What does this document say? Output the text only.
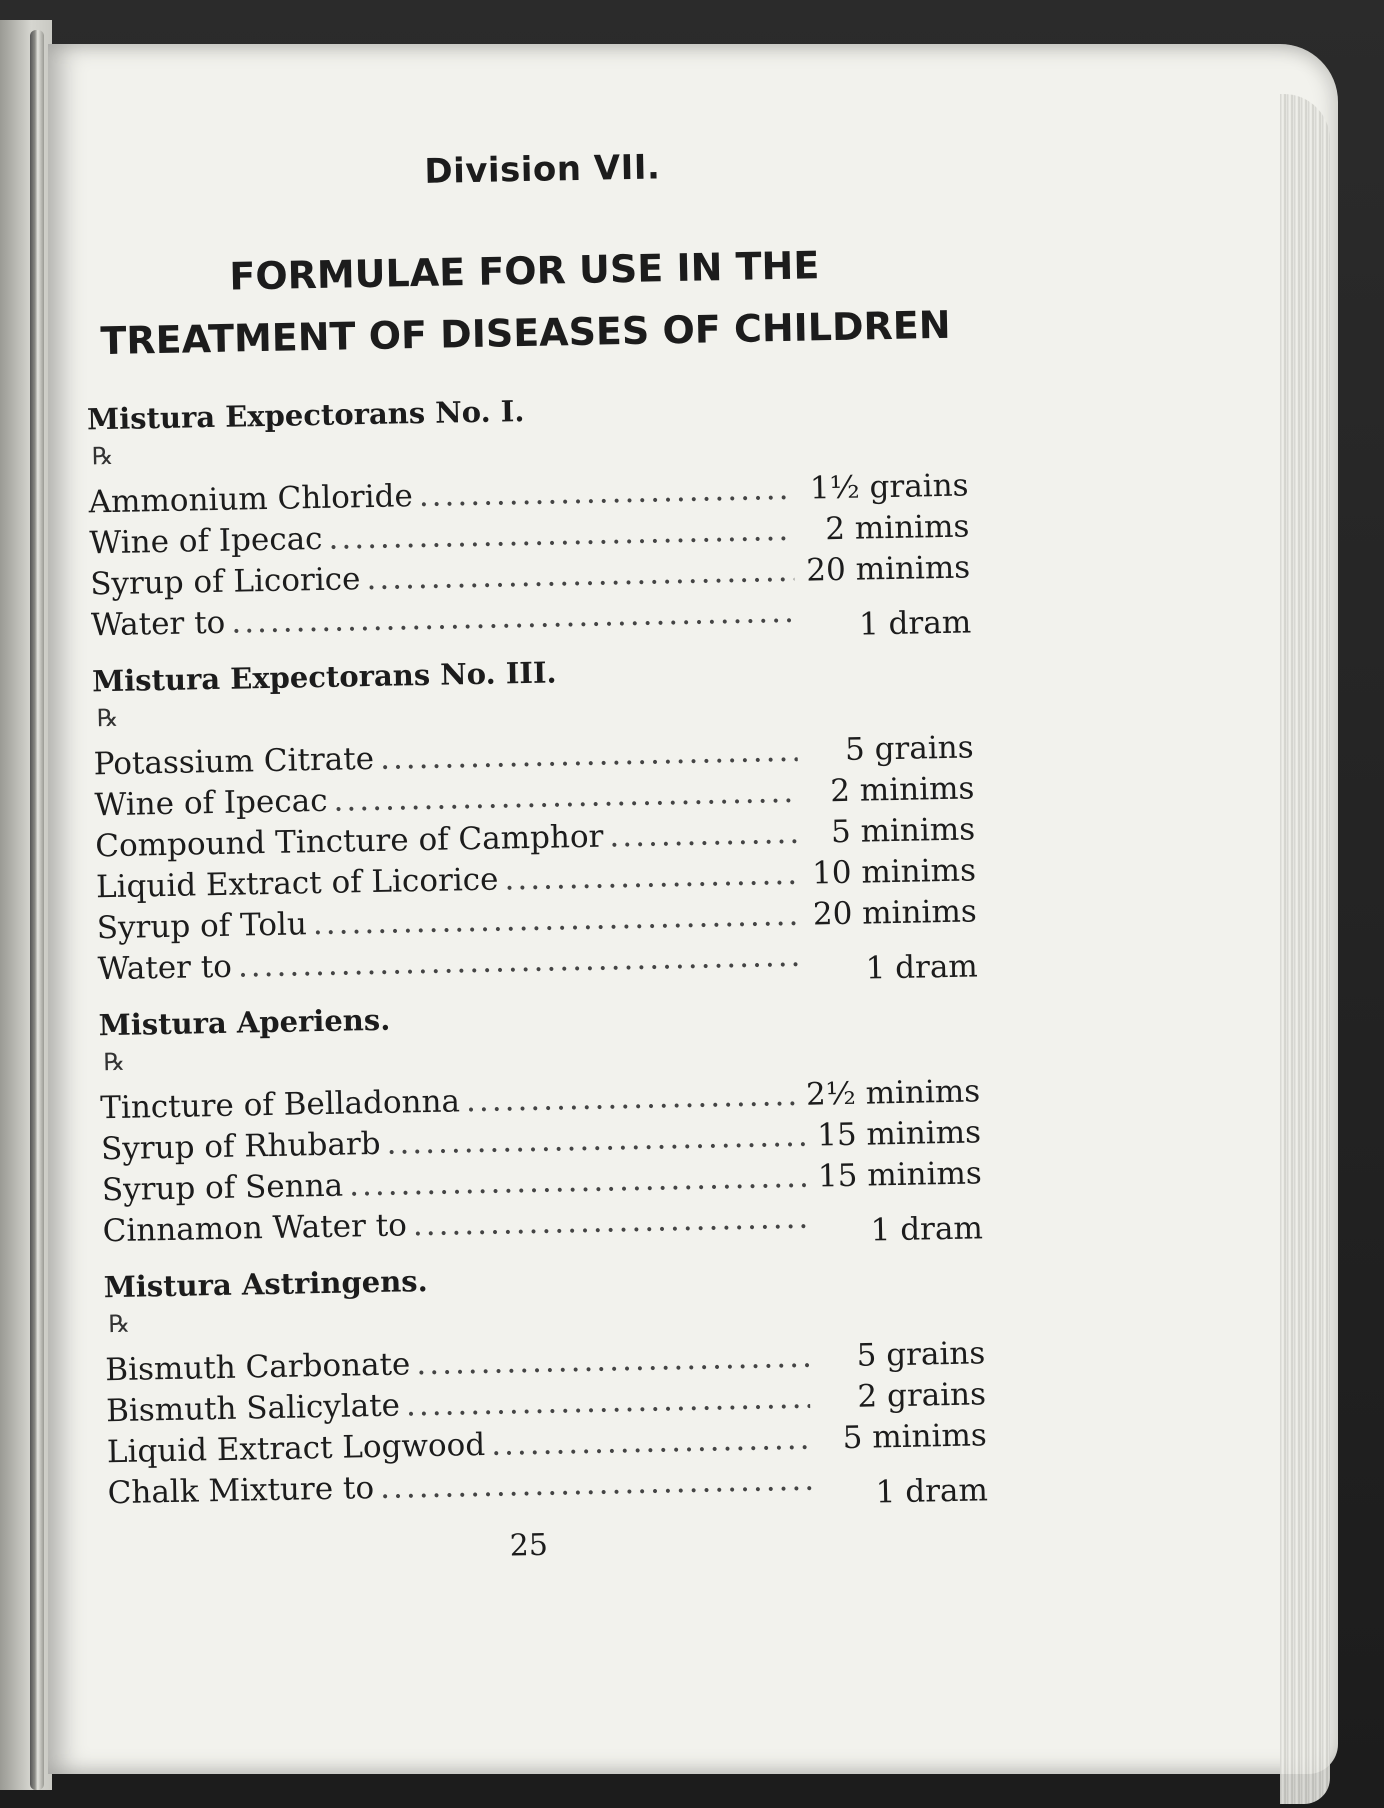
Division VII.
FORMULAE FOR USE IN THE
TREATMENT OF DISEASES OF CHILDREN
Mistura Expectorans No. I.
℞
Ammonium Chloride .....	1½ grains
Wine of Ipecac .....	2 minims
Syrup of Licorice .....	20 minims
Water to .....	1 dram
Mistura Expectorans No. III.
℞
Potassium Citrate .....	5 grains
Wine of Ipecac .....	2 minims
Compound Tincture of Camphor .....	5 minims
Liquid Extract of Licorice .....	10 minims
Syrup of Tolu .....	20 minims
Water to .....	1 dram
Mistura Aperiens.
℞
Tincture of Belladonna .....	2½ minims
Syrup of Rhubarb .....	15 minims
Syrup of Senna .....	15 minims
Cinnamon Water to .....	1 dram
Mistura Astringens.
℞
Bismuth Carbonate .....	5 grains
Bismuth Salicylate .....	2 grains
Liquid Extract Logwood .....	5 minims
Chalk Mixture to .....	1 dram
25
